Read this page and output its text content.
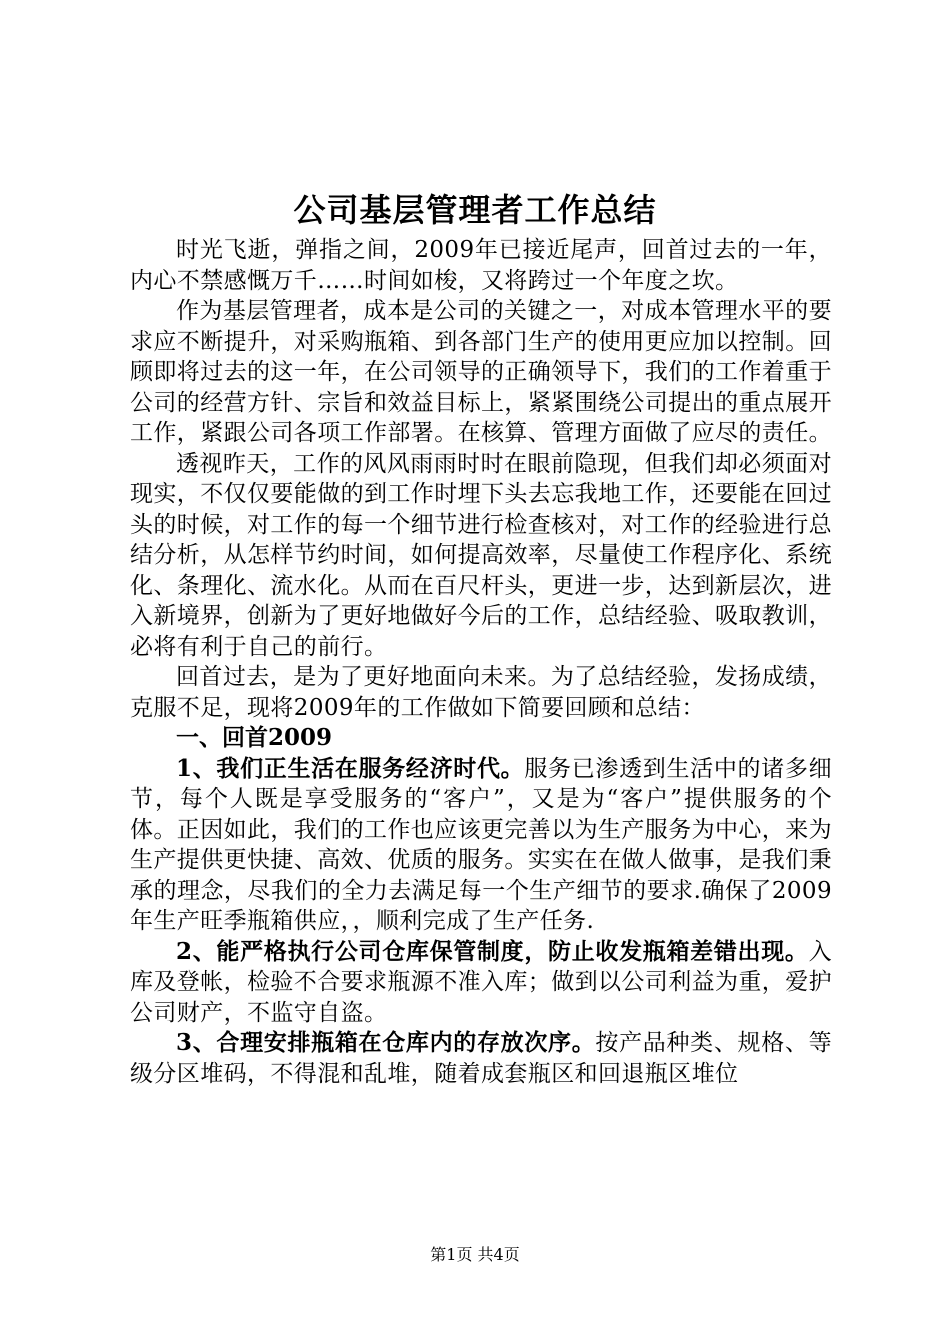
公司基层管理者工作总结

时光飞逝，弹指之间，2009年已接近尾声，回首过去的一年，内心不禁感慨万千……时间如梭，又将跨过一个年度之坎。

作为基层管理者，成本是公司的关键之一，对成本管理水平的要求应不断提升，对采购瓶箱、到各部门生产的使用更应加以控制。回顾即将过去的这一年，在公司领导的正确领导下，我们的工作着重于公司的经营方针、宗旨和效益目标上，紧紧围绕公司提出的重点展开工作，紧跟公司各项工作部署。在核算、管理方面做了应尽的责任。

透视昨天，工作的风风雨雨时时在眼前隐现，但我们却必须面对现实，不仅仅要能做的到工作时埋下头去忘我地工作，还要能在回过头的时候，对工作的每一个细节进行检查核对，对工作的经验进行总结分析，从怎样节约时间，如何提高效率，尽量使工作程序化、系统化、条理化、流水化。从而在百尺杆头，更进一步，达到新层次，进入新境界，创新为了更好地做好今后的工作，总结经验、吸取教训，必将有利于自己的前行。

回首过去，是为了更好地面向未来。为了总结经验，发扬成绩，克服不足，现将2009年的工作做如下简要回顾和总结：

一、回首2009

1、我们正生活在服务经济时代。服务已渗透到生活中的诸多细节，每个人既是享受服务的“客户”，又是为“客户”提供服务的个体。正因如此，我们的工作也应该更完善以为生产服务为中心，来为生产提供更快捷、高效、优质的服务。实实在在做人做事，是我们秉承的理念，尽我们的全力去满足每一个生产细节的要求.确保了2009年生产旺季瓶箱供应，，顺利完成了生产任务.

2、能严格执行公司仓库保管制度，防止收发瓶箱差错出现。入库及登帐，检验不合要求瓶源不准入库；做到以公司利益为重，爱护公司财产，不监守自盗。

3、合理安排瓶箱在仓库内的存放次序。按产品种类、规格、等级分区堆码，不得混和乱堆，随着成套瓶区和回退瓶区堆位

第1页 共4页
